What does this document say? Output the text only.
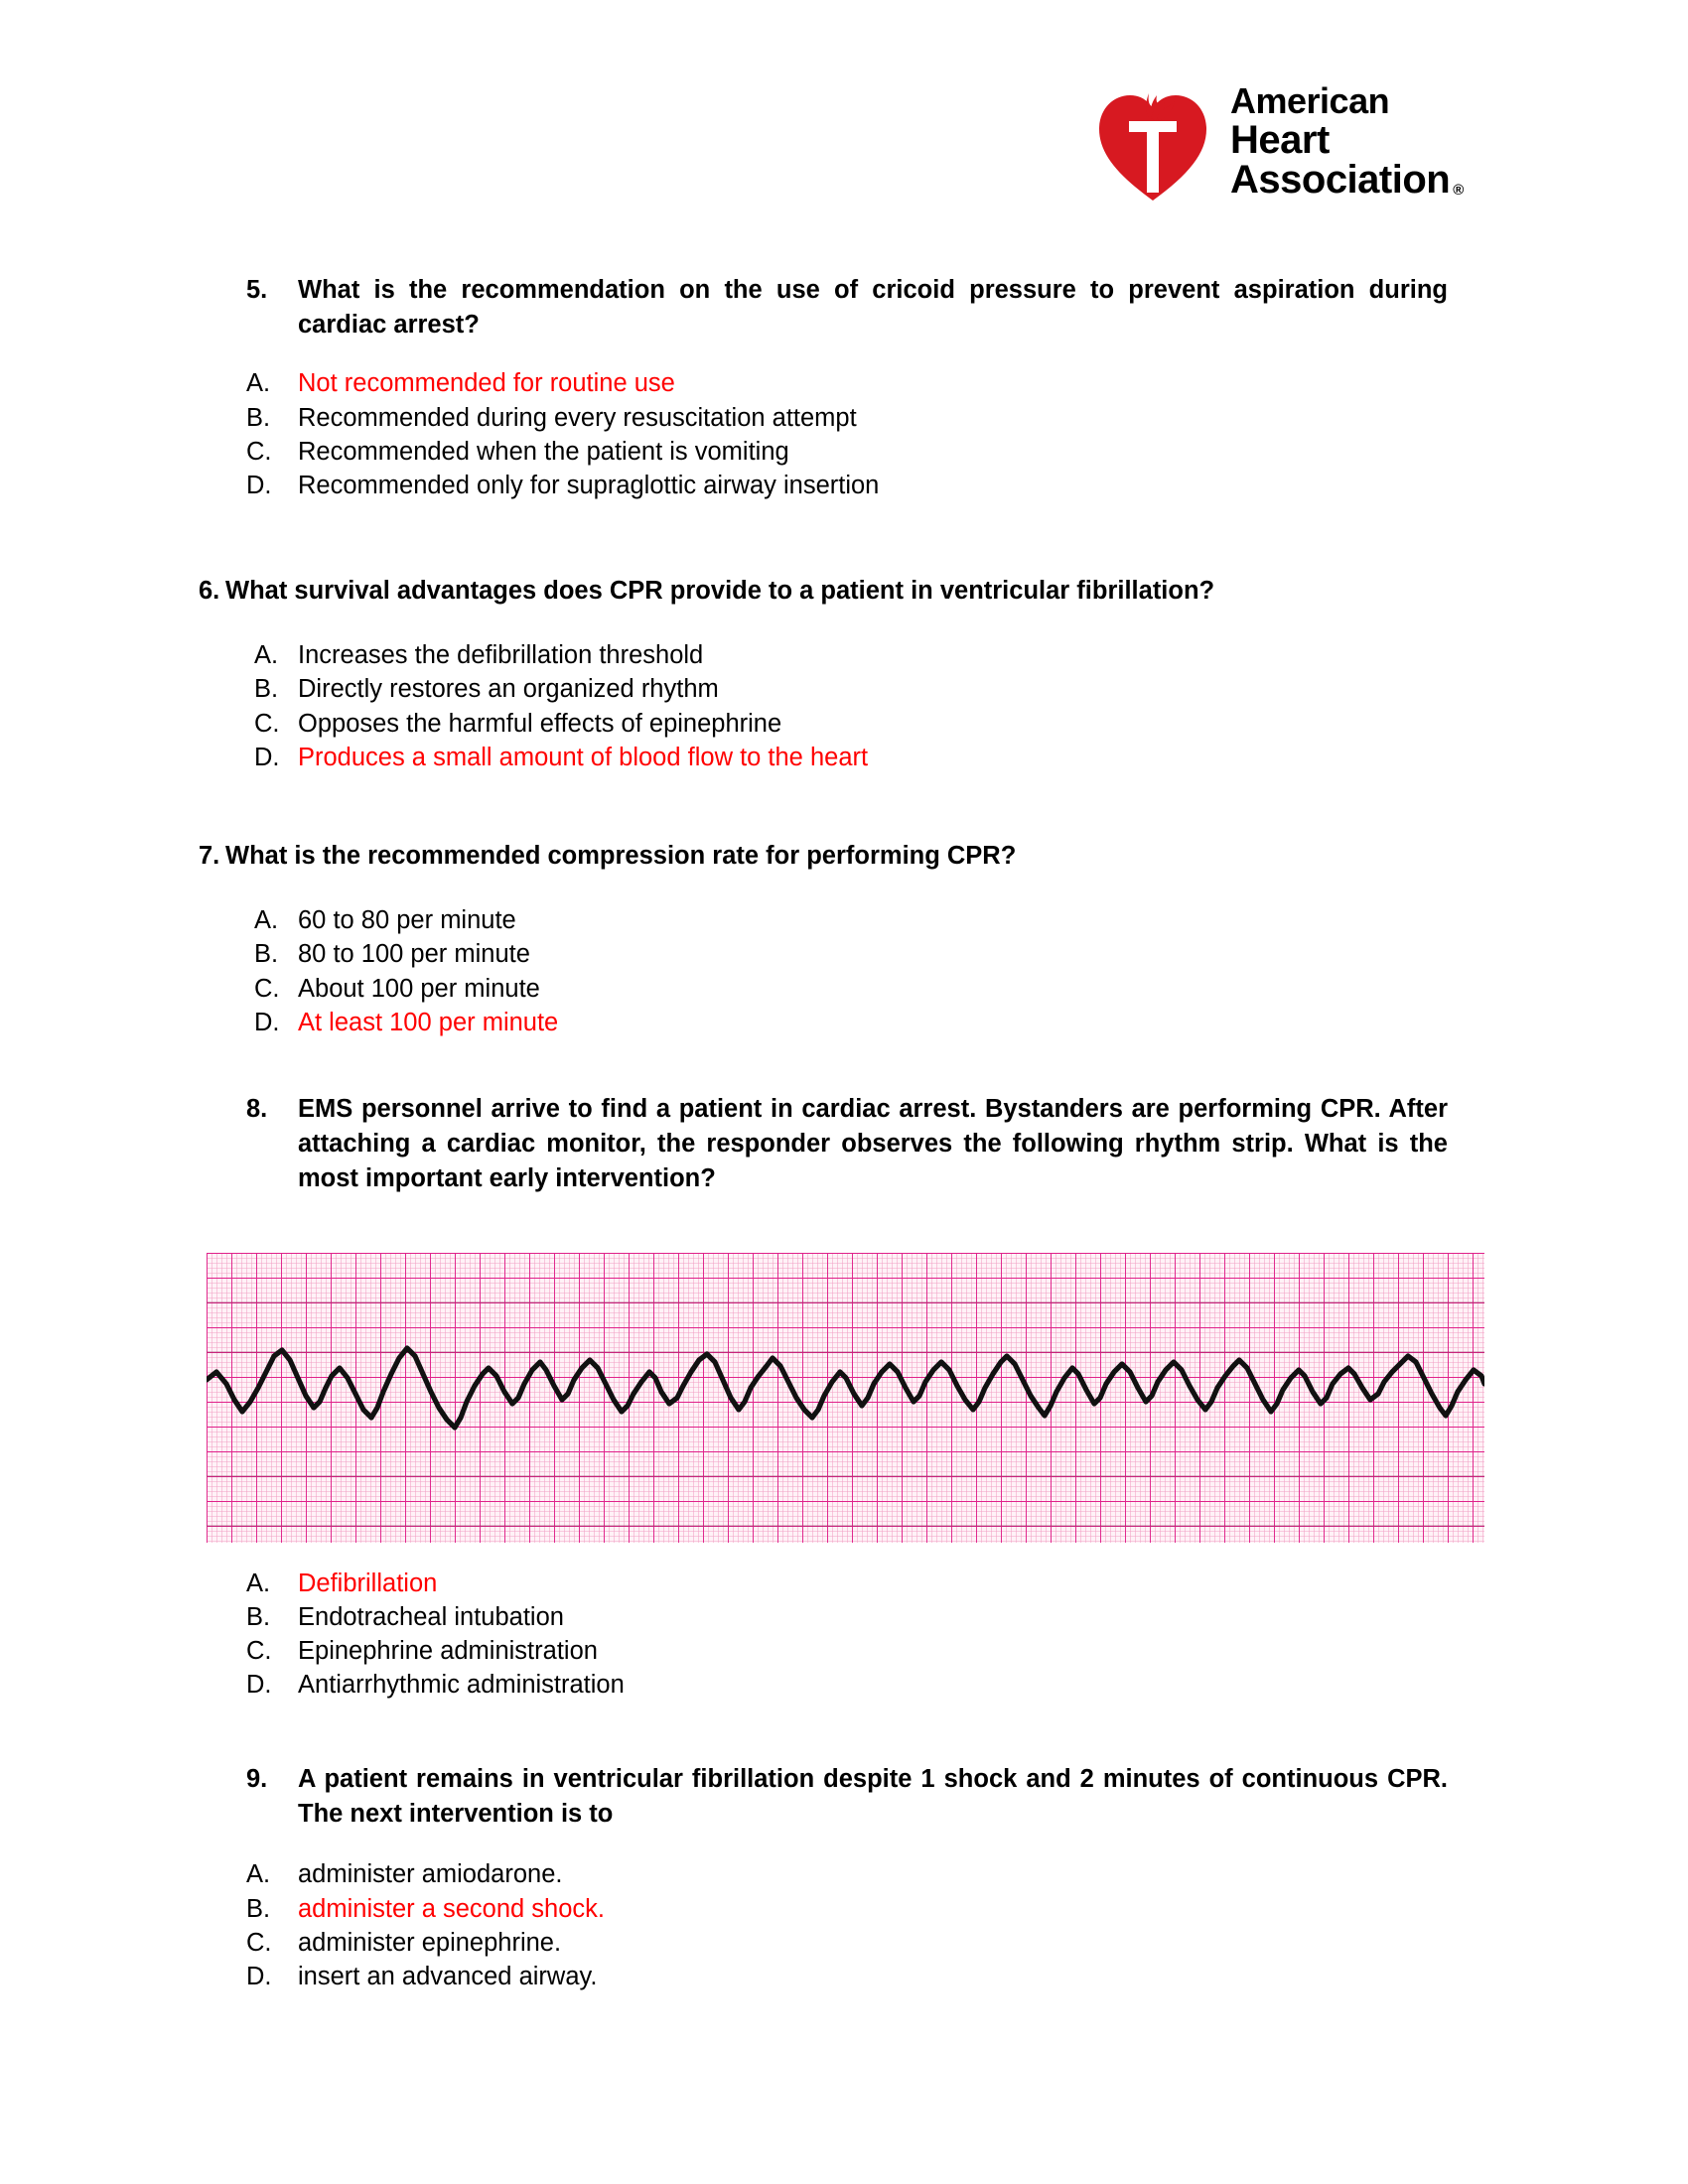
American
Heart
Association ®
5.	What is the recommendation on the use of cricoid pressure to prevent aspiration during cardiac arrest?
A.	Not recommended for routine use
B.	Recommended during every resuscitation attempt
C.	Recommended when the patient is vomiting
D.	Recommended only for supraglottic airway insertion
6. What survival advantages does CPR provide to a patient in ventricular fibrillation?
A. Increases the defibrillation threshold
B. Directly restores an organized rhythm
C. Opposes the harmful effects of epinephrine
D. Produces a small amount of blood flow to the heart
7. What is the recommended compression rate for performing CPR?
A. 60 to 80 per minute
B. 80 to 100 per minute
C. About 100 per minute
D. At least 100 per minute
8.	EMS personnel arrive to find a patient in cardiac arrest. Bystanders are performing CPR. After attaching a cardiac monitor, the responder observes the following rhythm strip. What is the most important early intervention?
A.	Defibrillation
B.	Endotracheal intubation
C.	Epinephrine administration
D.	Antiarrhythmic administration
9.	A patient remains in ventricular fibrillation despite 1 shock and 2 minutes of continuous CPR. The next intervention is to
A.	administer amiodarone.
B.	administer a second shock.
C.	administer epinephrine.
D.	insert an advanced airway.
